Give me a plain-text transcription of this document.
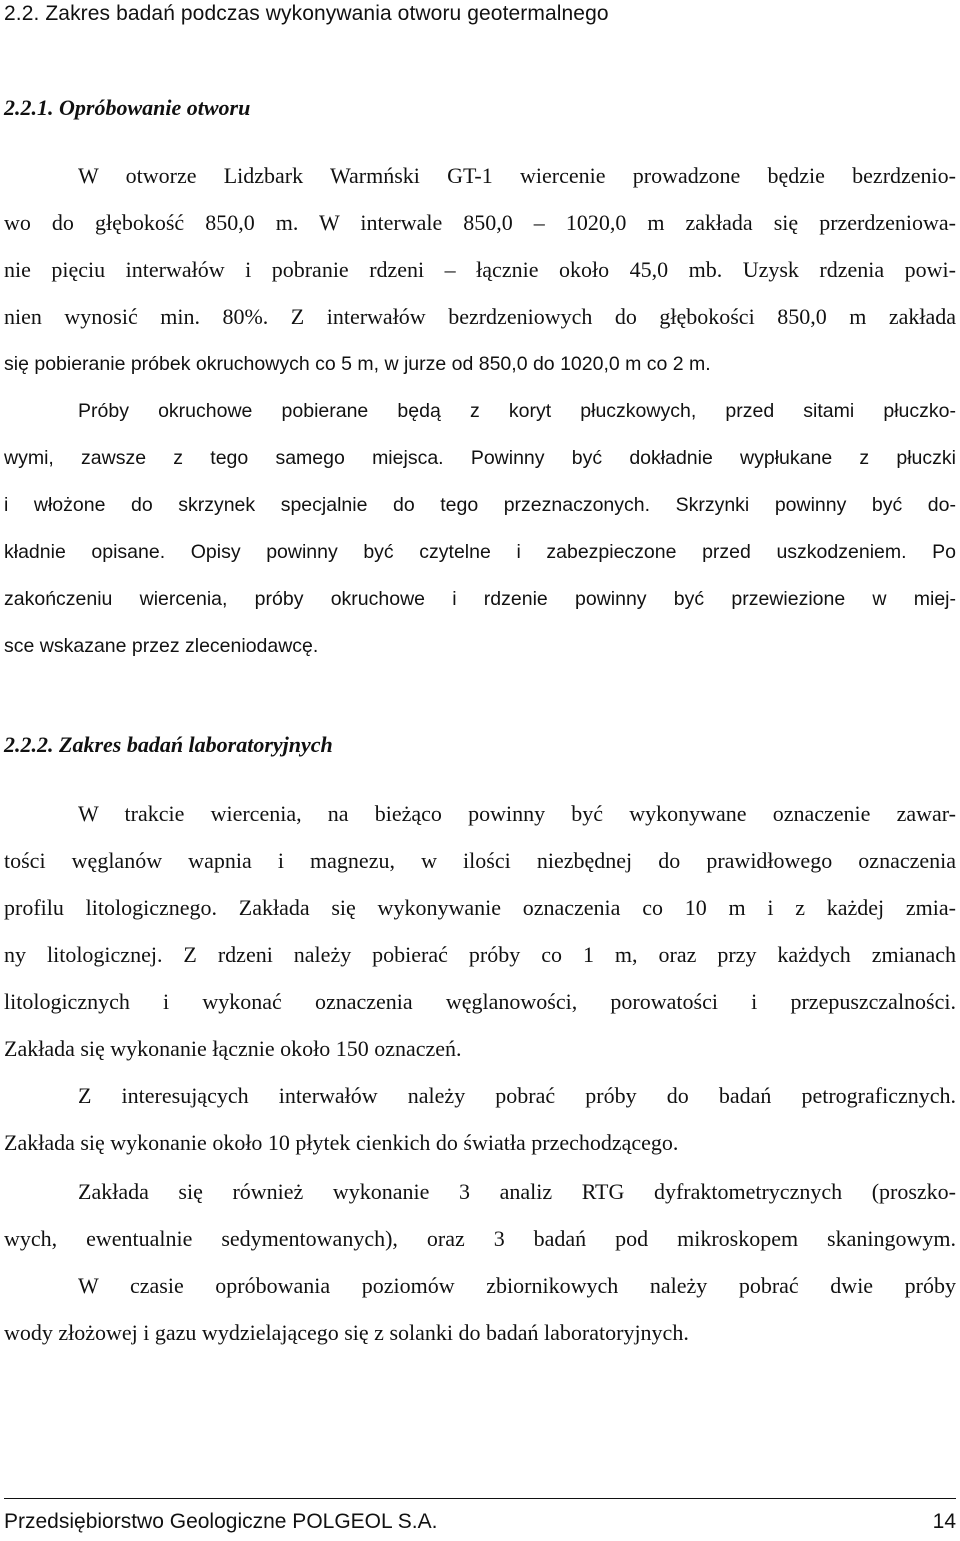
2.2. Zakres badań podczas wykonywania otworu geotermalnego
2.2.1. Opróbowanie otworu
W otworze Lidzbark Warmński GT-1 wiercenie prowadzone będzie bezrdzenio-
wo do głębokość 850,0 m. W interwale 850,0 – 1020,0 m zakłada się przerdzeniowa-
nie pięciu interwałów i pobranie rdzeni – łącznie około 45,0 mb. Uzysk rdzenia powi-
nien wynosić min. 80%. Z interwałów bezrdzeniowych do głębokości 850,0 m zakłada
się pobieranie próbek okruchowych co 5 m, w jurze od 850,0 do 1020,0 m co 2 m.
Próby okruchowe pobierane będą z koryt płuczkowych, przed sitami płuczko-
wymi, zawsze z tego samego miejsca. Powinny być dokładnie wypłukane z płuczki
i włożone do skrzynek specjalnie do tego przeznaczonych. Skrzynki powinny być do-
kładnie opisane. Opisy powinny być czytelne i zabezpieczone przed uszkodzeniem. Po
zakończeniu wiercenia, próby okruchowe i rdzenie powinny być przewiezione w miej-
sce wskazane przez zleceniodawcę.
2.2.2. Zakres badań laboratoryjnych
W trakcie wiercenia, na bieżąco powinny być wykonywane oznaczenie zawar-
tości węglanów wapnia i magnezu, w ilości niezbędnej do prawidłowego oznaczenia
profilu litologicznego. Zakłada się wykonywanie oznaczenia co 10 m i z każdej zmia-
ny litologicznej. Z rdzeni należy pobierać próby co 1 m, oraz przy każdych zmianach
litologicznych i wykonać oznaczenia węglanowości, porowatości i przepuszczalności.
Zakłada się wykonanie łącznie około 150 oznaczeń.
Z interesujących interwałów należy pobrać próby do badań petrograficznych.
Zakłada się wykonanie około 10 płytek cienkich do światła przechodzącego.
Zakłada się również wykonanie 3 analiz RTG dyfraktometrycznych (proszko-
wych, ewentualnie sedymentowanych), oraz 3 badań pod mikroskopem skaningowym.
W czasie opróbowania poziomów zbiornikowych należy pobrać dwie próby
wody złożowej i gazu wydzielającego się z solanki do badań laboratoryjnych.
Przedsiębiorstwo Geologiczne POLGEOL S.A.	14
